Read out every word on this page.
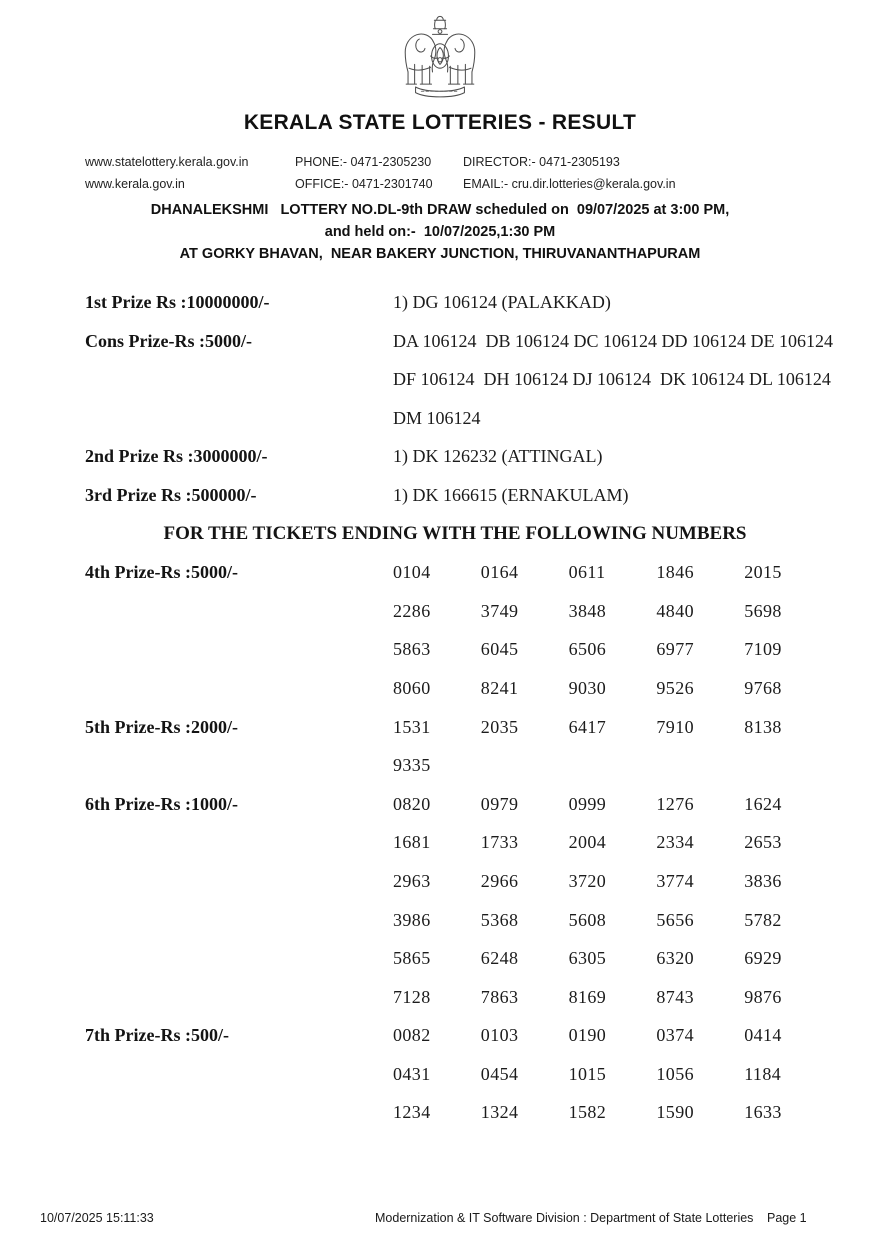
KERALA STATE LOTTERIES - RESULT
www.statelottery.kerala.gov.in	PHONE:- 0471-2305230	DIRECTOR:- 0471-2305193
www.kerala.gov.in	OFFICE:- 0471-2301740	EMAIL:- cru.dir.lotteries@kerala.gov.in
DHANALEKSHMI   LOTTERY NO.DL-9th DRAW scheduled on  09/07/2025 at 3:00 PM,
and held on:-  10/07/2025,1:30 PM
AT GORKY BHAVAN,  NEAR BAKERY JUNCTION, THIRUVANANTHAPURAM
1st Prize Rs :10000000/-	1) DG 106124 (PALAKKAD)
Cons Prize-Rs :5000/-	DA 106124  DB 106124 DC 106124 DD 106124 DE 106124
DF 106124  DH 106124 DJ 106124  DK 106124 DL 106124
DM 106124
2nd Prize Rs :3000000/-	1) DK 126232 (ATTINGAL)
3rd Prize Rs :500000/-	1) DK 166615 (ERNAKULAM)
FOR THE TICKETS ENDING WITH THE FOLLOWING NUMBERS
4th Prize-Rs :5000/-	0104	0164	0611	1846	2015
2286	3749	3848	4840	5698
5863	6045	6506	6977	7109
8060	8241	9030	9526	9768
5th Prize-Rs :2000/-	1531	2035	6417	7910	8138
9335
6th Prize-Rs :1000/-	0820	0979	0999	1276	1624
1681	1733	2004	2334	2653
2963	2966	3720	3774	3836
3986	5368	5608	5656	5782
5865	6248	6305	6320	6929
7128	7863	8169	8743	9876
7th Prize-Rs :500/-	0082	0103	0190	0374	0414
0431	0454	1015	1056	1184
1234	1324	1582	1590	1633
10/07/2025 15:11:33	Modernization & IT Software Division : Department of State Lotteries Page 1
